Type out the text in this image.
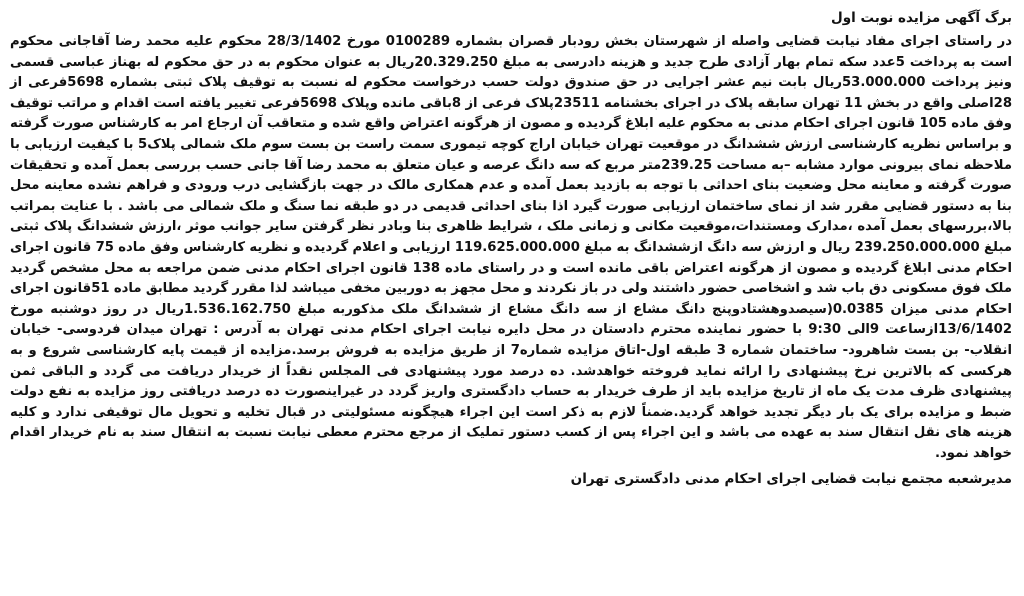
برگ آگهی مزایده نوبت اول

در راستای اجرای مفاد نیابت قضایی واصله از شهرستان بخش رودبار قصران بشماره 0100289 مورخ 28/3/1402 محکوم علیه محمد رضا آقاجانی محکوم است به پرداخت 5عدد سکه تمام بهار آزادی طرح جدید و هزینه دادرسی به مبلغ 20.329.250ریال به عنوان محکوم به در حق محکوم له بهناز عباسی قسمی ونیز پرداخت 53.000.000ریال بابت نیم عشر اجرایی در حق صندوق دولت حسب درخواست محکوم له نسبت به توقیف پلاک ثبتی بشماره 5698فرعی از 28اصلی واقع در بخش 11 تهران سابقه پلاک در اجرای بخشنامه 23511پلاک فرعی از 8باقی مانده وپلاک 5698فرعی تغییر یافته است اقدام و مراتب توقیف وفق ماده 105 قانون اجرای احکام مدنی به محکوم علیه ابلاغ گردیده و مصون از هرگونه اعتراض واقع شده و متعاقب آن ارجاع امر به کارشناس صورت گرفته و براساس نظریه کارشناسی ارزش ششدانگ در موقعیت تهران خیابان اراج کوچه تیموری سمت راست بن بست سوم ملک شمالی پلاک5 با کیفیت ارزیابی با ملاحظه نمای بیرونی موارد مشابه –به مساحت 239.25متر مربع که سه دانگ عرصه و عیان متعلق به محمد رضا آقا جانی حسب بررسی بعمل آمده و تحقیقات صورت گرفته و معاینه محل وضعیت بنای احداثی با توجه به بازدید بعمل آمده و عدم همکاری مالک در جهت بازگشایی درب ورودی و فراهم نشده معاینه محل بنا به دستور قضایی مقرر شد از نمای ساختمان ارزیابی صورت گیرد اذا بنای احداثی قدیمی در دو طبقه نما سنگ و ملک شمالی می باشد . با عنایت بمراتب بالا،بررسهای بعمل آمده ،مدارک ومستندات،موقعیت مکانی و زمانی ملک ، شرایط ظاهری بنا وبادر نظر گرفتن سایر جوانب موثر ،ارزش ششدانگ پلاک ثبتی مبلغ 239.250.000.000 ریال و ارزش سه دانگ ازششدانگ به مبلغ 119.625.000.000 ارزیابی و اعلام گردیده و نظریه کارشناس وفق ماده 75 قانون اجرای احکام مدنی ابلاغ گردیده و مصون از هرگونه اعتراض باقی مانده است و در راستای ماده 138 قانون اجرای احکام مدنی ضمن مراجعه به محل مشخص گردید ملک فوق مسکونی دق باب شد و اشخاصی حضور داشتند ولی در باز نکردند و محل مجهز به دوربین مخفی میباشد لذا مقرر گردید مطابق ماده 51قانون اجرای احکام مدنی میزان 0.0385(سیصدوهشتادوپنج دانگ مشاع از سه دانگ مشاع از ششدانگ ملک مذکوربه مبلغ 1.536.162.750ریال در روز دوشنبه مورخ 13/6/1402ازساعت 9الی 9:30 با حضور نماینده محترم دادستان در محل دایره نیابت اجرای احکام مدنی تهران به آدرس : تهران میدان فردوسی- خیابان انقلاب- بن بست شاهرود- ساختمان شماره 3 طبقه اول-اتاق مزایده شماره7 از طریق مزایده به فروش برسد.مزایده از قیمت پایه کارشناسی شروع و به هرکسی که بالاترین نرخ پیشنهادی را ارائه نماید فروخته خواهدشد. ده درصد مورد پیشنهادی فی المجلس نقداً از خریدار دریافت می گردد و الباقی ثمن پیشنهادی ظرف مدت یک ماه از تاریخ مزایده باید از طرف خریدار به حساب دادگستری واریز گردد در غیراینصورت ده درصد دریافتی روز مزایده به نفع دولت ضبط و مزایده برای یک بار دیگر تجدید خواهد گردید.ضمناً لازم به ذکر است این اجراء هیچگونه مسئولیتی در قبال تخلیه و تحویل مال توقیفی ندارد و کلیه هزینه های نقل انتقال سند به عهده می باشد و این اجراء پس از کسب دستور تملیک از مرجع محترم معطی نیابت نسبت به انتقال سند به نام خریدار اقدام خواهد نمود.

مدیرشعبه مجتمع نیابت قضایی اجرای احکام مدنی دادگستری تهران
